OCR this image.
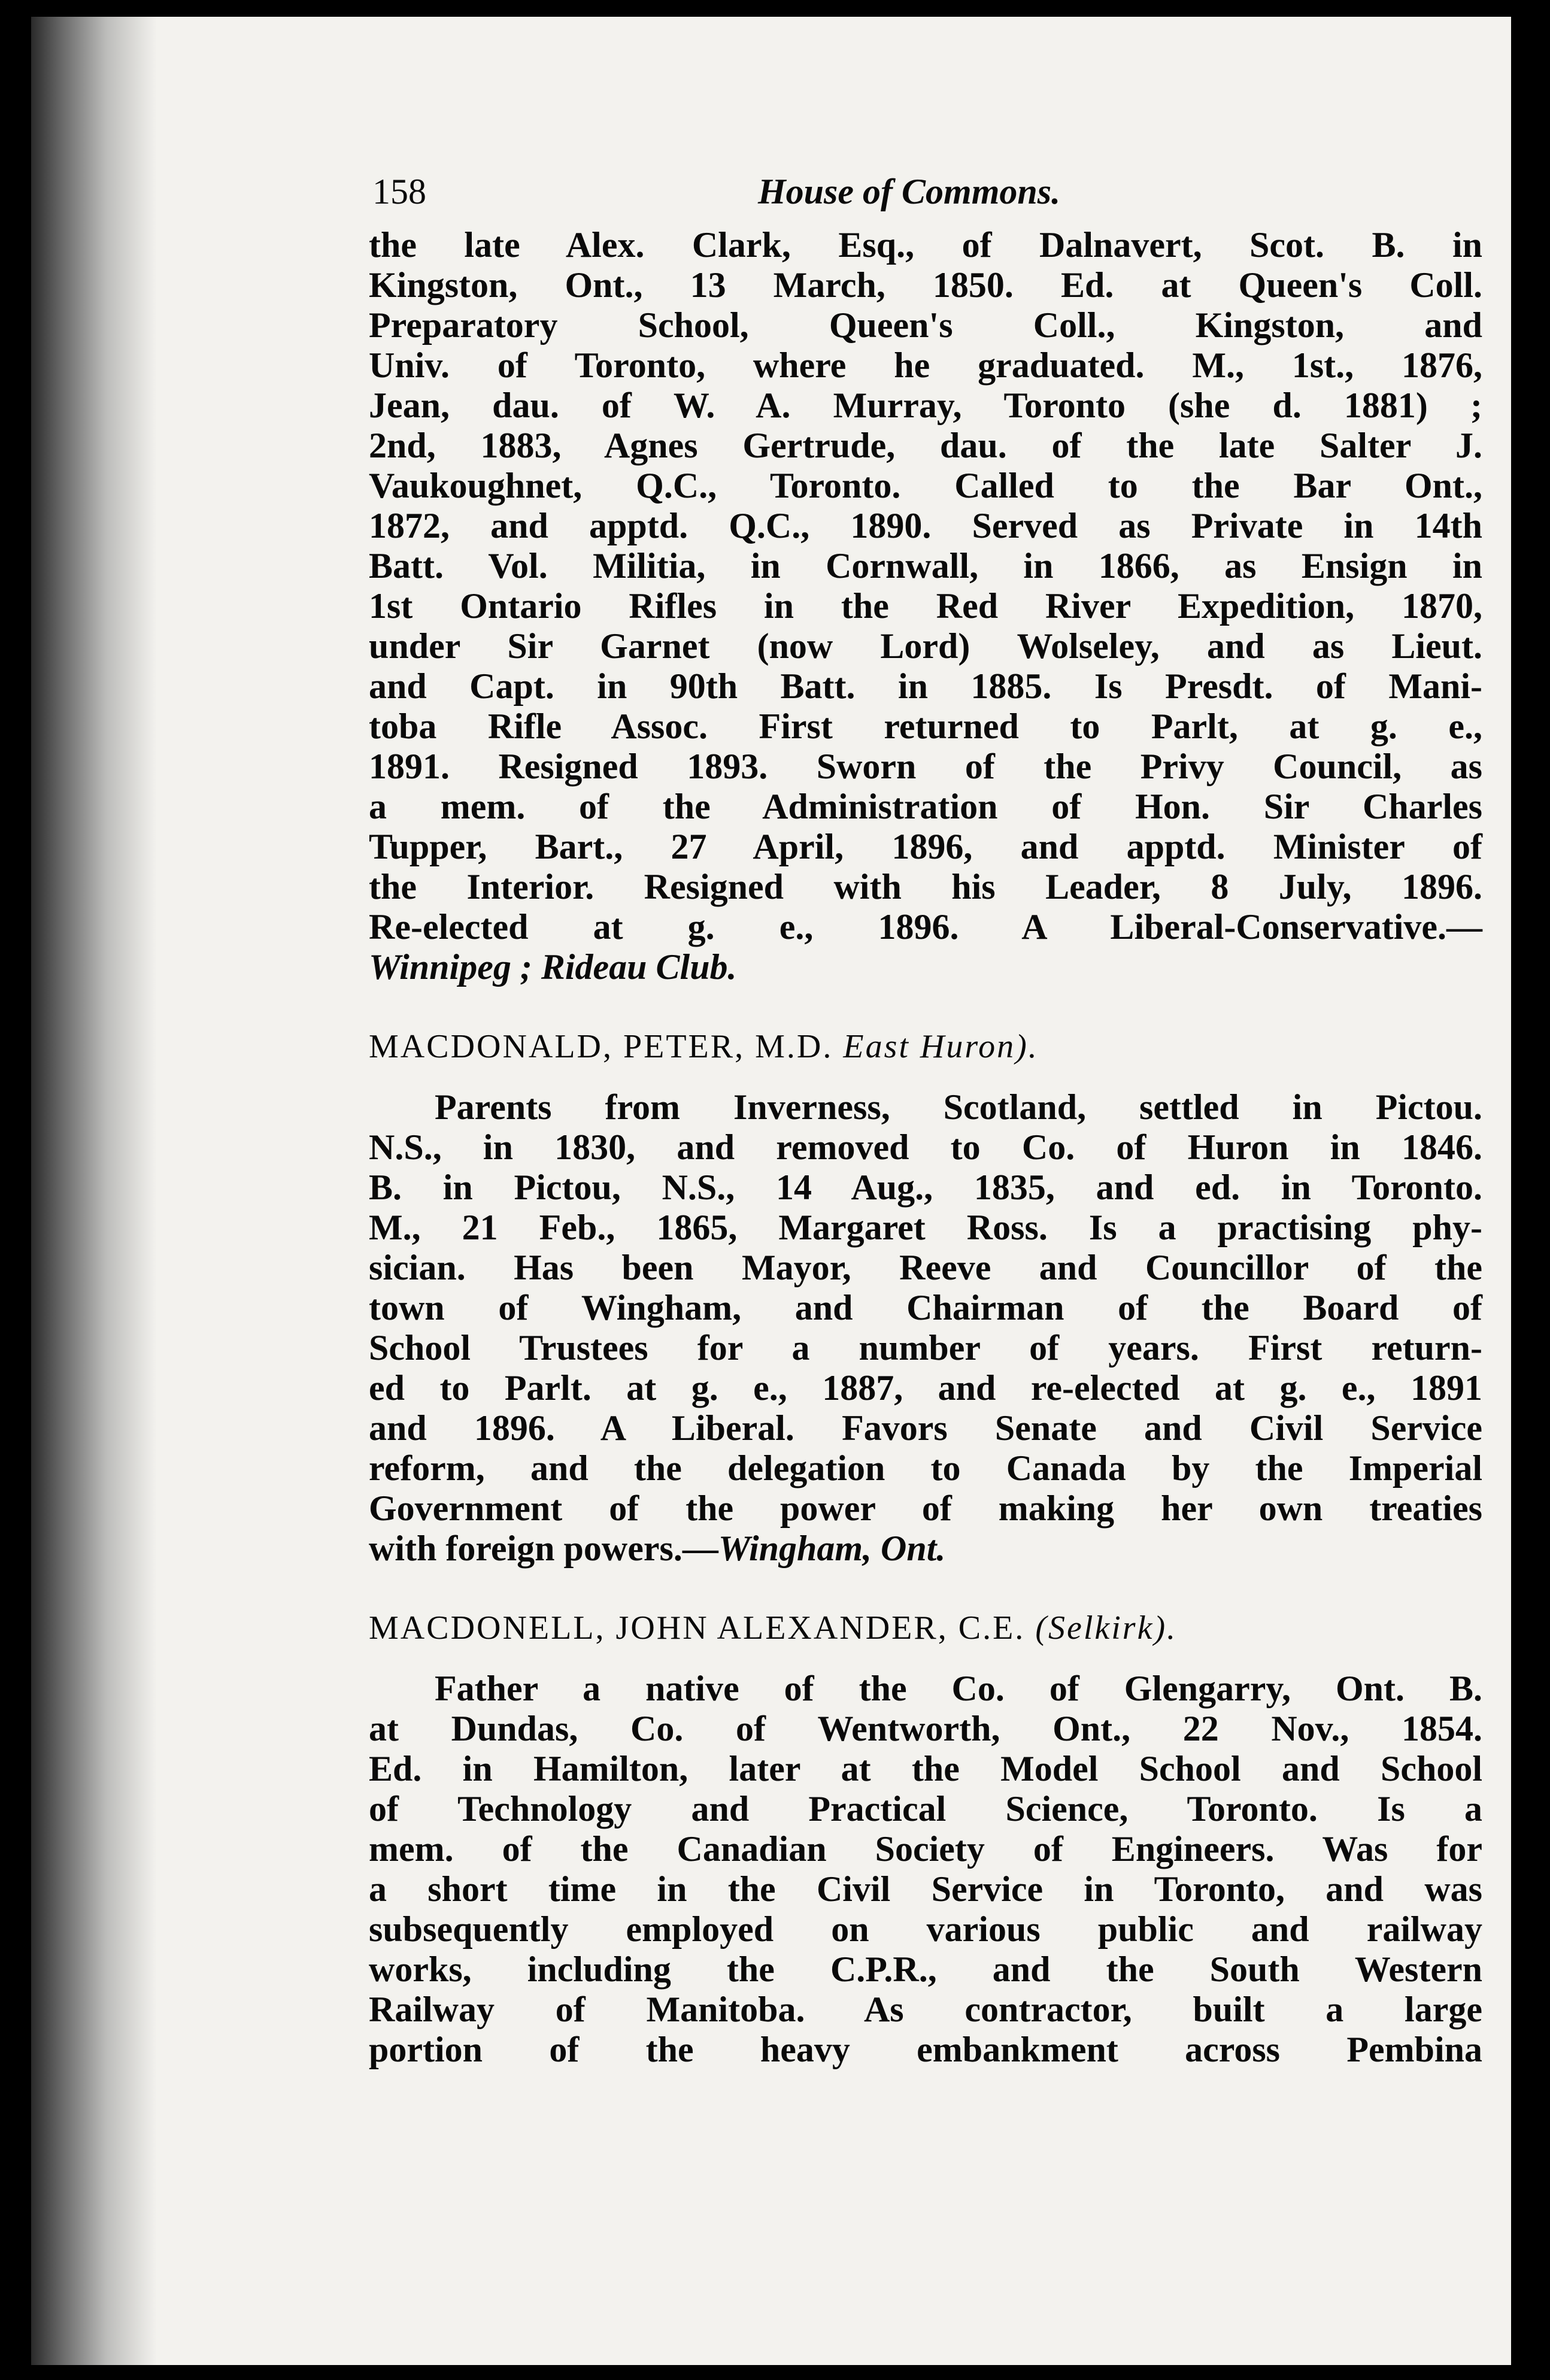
158	House of Commons.
the late Alex. Clark, Esq., of Dalnavert, Scot. B. in
Kingston, Ont., 13 March, 1850. Ed. at Queen's Coll.
Preparatory School, Queen's Coll., Kingston, and
Univ. of Toronto, where he graduated. M., 1st., 1876,
Jean, dau. of W. A. Murray, Toronto (she d. 1881) ;
2nd, 1883, Agnes Gertrude, dau. of the late Salter J.
Vaukoughnet, Q.C., Toronto. Called to the Bar Ont.,
1872, and apptd. Q.C., 1890. Served as Private in 14th
Batt. Vol. Militia, in Cornwall, in 1866, as Ensign in
1st Ontario Rifles in the Red River Expedition, 1870,
under Sir Garnet (now Lord) Wolseley, and as Lieut.
and Capt. in 90th Batt. in 1885. Is Presdt. of Mani-
toba Rifle Assoc. First returned to Parlt, at g. e.,
1891. Resigned 1893. Sworn of the Privy Council, as
a mem. of the Administration of Hon. Sir Charles
Tupper, Bart., 27 April, 1896, and apptd. Minister of
the Interior. Resigned with his Leader, 8 July, 1896.
Re-elected at g. e., 1896. A Liberal-Conservative.—
Winnipeg ; Rideau Club.
MACDONALD, PETER, M.D. East Huron).
Parents from Inverness, Scotland, settled in Pictou.
N.S., in 1830, and removed to Co. of Huron in 1846.
B. in Pictou, N.S., 14 Aug., 1835, and ed. in Toronto.
M., 21 Feb., 1865, Margaret Ross. Is a practising phy-
sician. Has been Mayor, Reeve and Councillor of the
town of Wingham, and Chairman of the Board of
School Trustees for a number of years. First return-
ed to Parlt. at g. e., 1887, and re-elected at g. e., 1891
and 1896. A Liberal. Favors Senate and Civil Service
reform, and the delegation to Canada by the Imperial
Government of the power of making her own treaties
with foreign powers.—Wingham, Ont.
MACDONELL, JOHN ALEXANDER, C.E. (Selkirk).
Father a native of the Co. of Glengarry, Ont. B.
at Dundas, Co. of Wentworth, Ont., 22 Nov., 1854.
Ed. in Hamilton, later at the Model School and School
of Technology and Practical Science, Toronto. Is a
mem. of the Canadian Society of Engineers. Was for
a short time in the Civil Service in Toronto, and was
subsequently employed on various public and railway
works, including the C.P.R., and the South Western
Railway of Manitoba. As contractor, built a large
portion of the heavy embankment across Pembina
